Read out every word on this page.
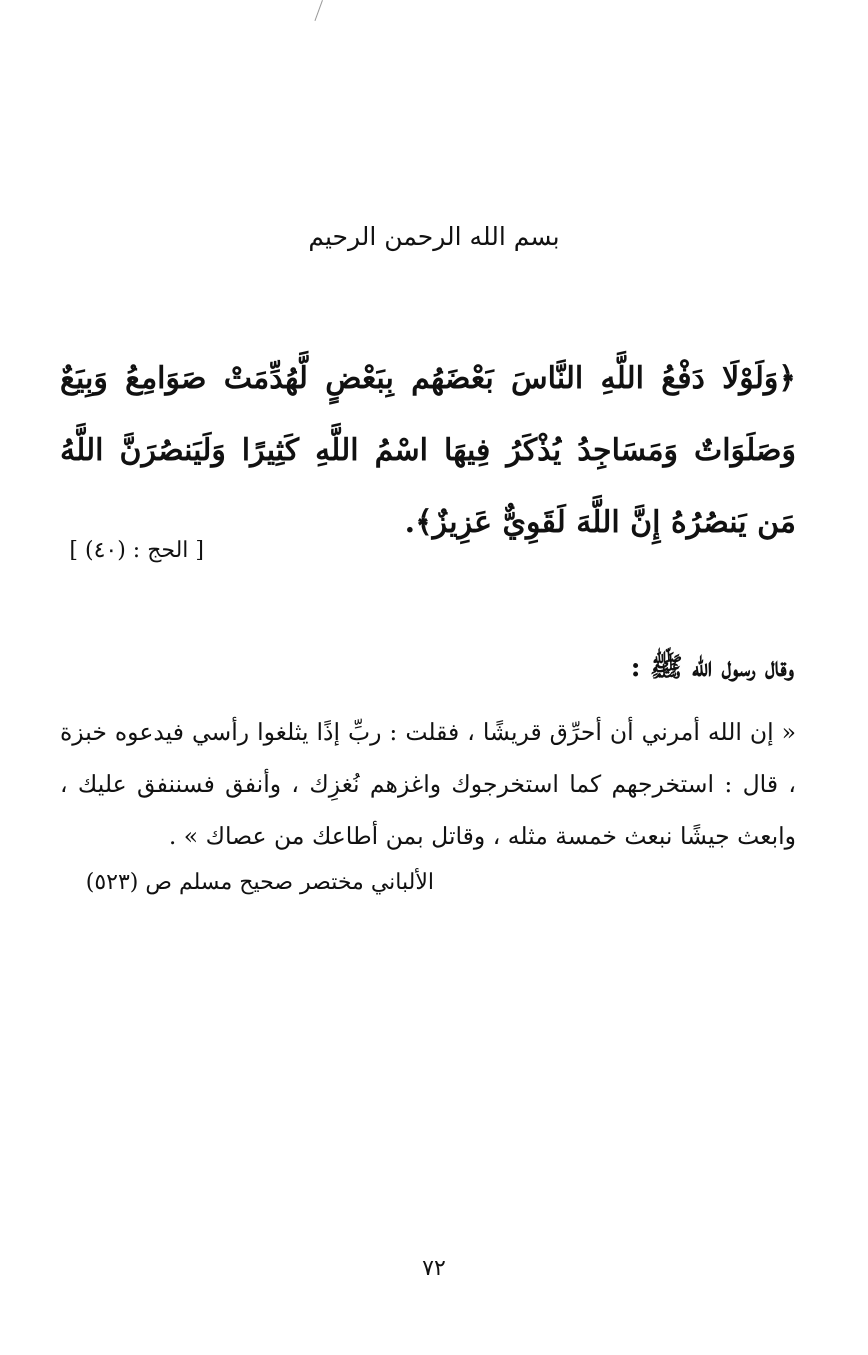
بسم الله الرحمن الرحيم
﴿وَلَوْلَا دَفْعُ اللَّهِ النَّاسَ بَعْضَهُم بِبَعْضٍ لَّهُدِّمَتْ صَوَامِعُ وَبِيَعٌ وَصَلَوَاتٌ وَمَسَاجِدُ يُذْكَرُ فِيهَا اسْمُ اللَّهِ كَثِيرًا وَلَيَنصُرَنَّ اللَّهُ مَن يَنصُرُهُ إِنَّ اللَّهَ لَقَوِيٌّ عَزِيزٌ﴾.
[ الحج : (٤٠) ]
وقال رسول الله ﷺ :
« إن الله أمرني أن أحرِّق قريشًا ، فقلت : ربِّ إذًا يثلغوا رأسي فيدعوه خبزة ، قال : استخرجهم كما استخرجوك واغزهم نُغزِك ، وأنفق فسننفق عليك ، وابعث جيشًا نبعث خمسة مثله ، وقاتل بمن أطاعك من عصاك » .
الألباني مختصر صحيح مسلم ص (٥٢٣)
٧٢
